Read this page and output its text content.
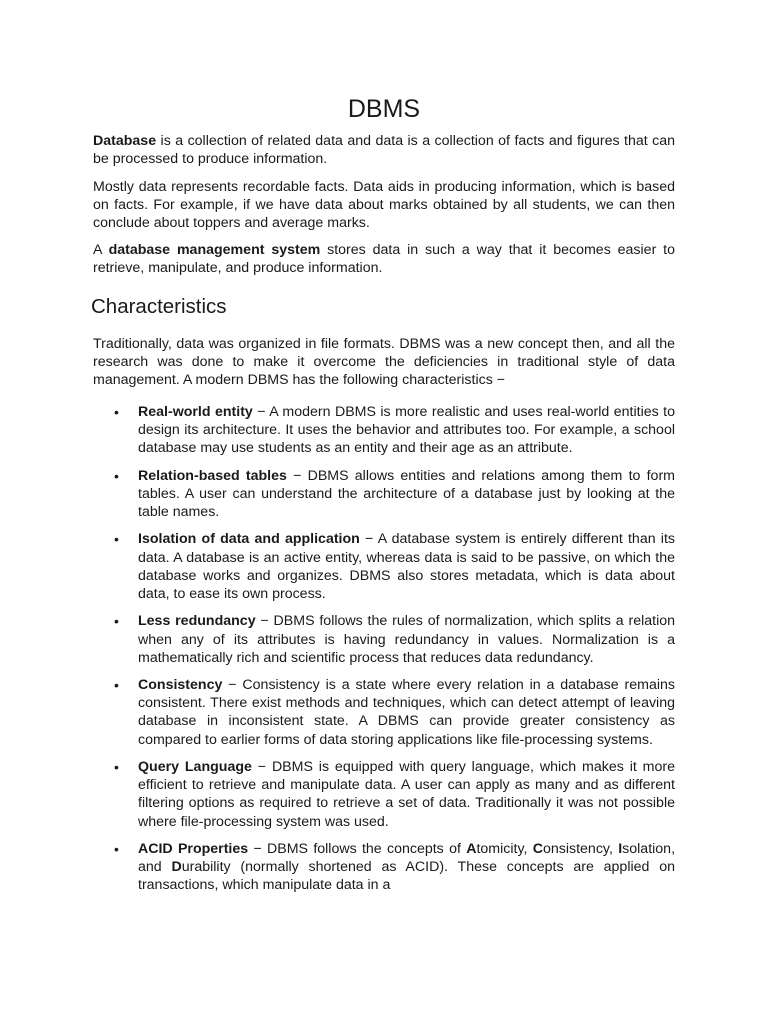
DBMS

Database is a collection of related data and data is a collection of facts and figures that can be processed to produce information.

Mostly data represents recordable facts. Data aids in producing information, which is based on facts. For example, if we have data about marks obtained by all students, we can then conclude about toppers and average marks.

A database management system stores data in such a way that it becomes easier to retrieve, manipulate, and produce information.

Characteristics

Traditionally, data was organized in file formats. DBMS was a new concept then, and all the research was done to make it overcome the deficiencies in traditional style of data management. A modern DBMS has the following characteristics −

• Real-world entity − A modern DBMS is more realistic and uses real-world entities to design its architecture. It uses the behavior and attributes too. For example, a school database may use students as an entity and their age as an attribute.
• Relation-based tables − DBMS allows entities and relations among them to form tables. A user can understand the architecture of a database just by looking at the table names.
• Isolation of data and application − A database system is entirely different than its data. A database is an active entity, whereas data is said to be passive, on which the database works and organizes. DBMS also stores metadata, which is data about data, to ease its own process.
• Less redundancy − DBMS follows the rules of normalization, which splits a relation when any of its attributes is having redundancy in values. Normalization is a mathematically rich and scientific process that reduces data redundancy.
• Consistency − Consistency is a state where every relation in a database remains consistent. There exist methods and techniques, which can detect attempt of leaving database in inconsistent state. A DBMS can provide greater consistency as compared to earlier forms of data storing applications like file-processing systems.
• Query Language − DBMS is equipped with query language, which makes it more efficient to retrieve and manipulate data. A user can apply as many and as different filtering options as required to retrieve a set of data. Traditionally it was not possible where file-processing system was used.
• ACID Properties − DBMS follows the concepts of Atomicity, Consistency, Isolation, and Durability (normally shortened as ACID). These concepts are applied on transactions, which manipulate data in a
